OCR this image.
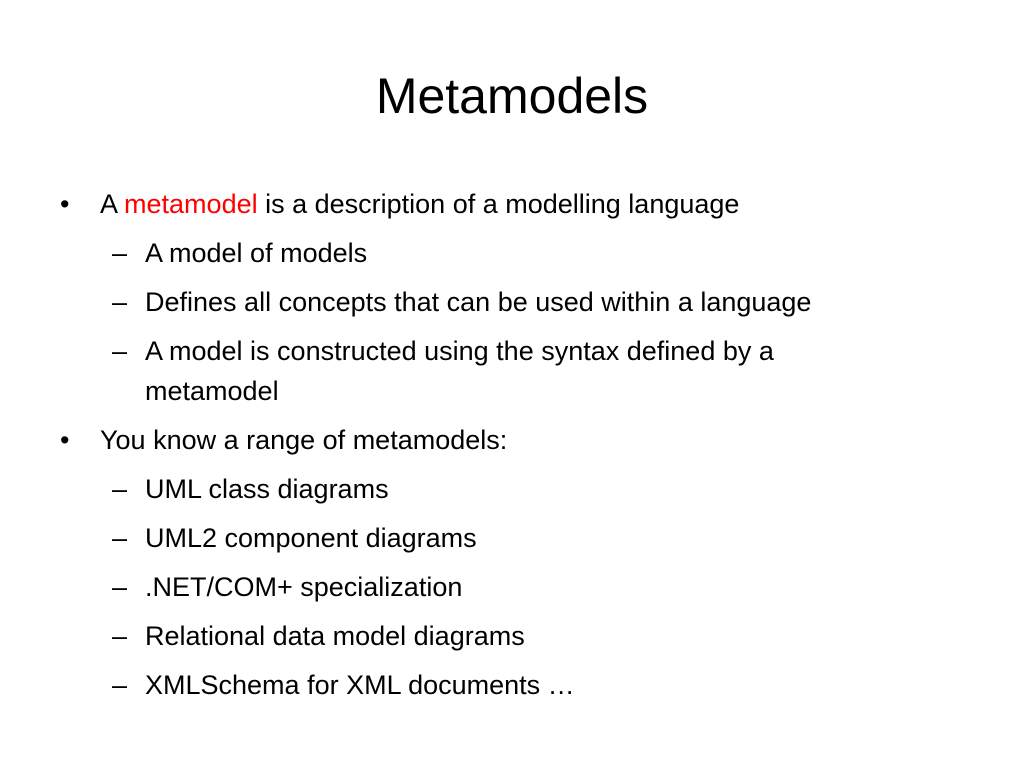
Metamodels
• A metamodel is a description of a modelling language
– A model of models
– Defines all concepts that can be used within a language
– A model is constructed using the syntax defined by a metamodel
• You know a range of metamodels:
– UML class diagrams
– UML2 component diagrams
– .NET/COM+ specialization
– Relational data model diagrams
– XMLSchema for XML documents …
